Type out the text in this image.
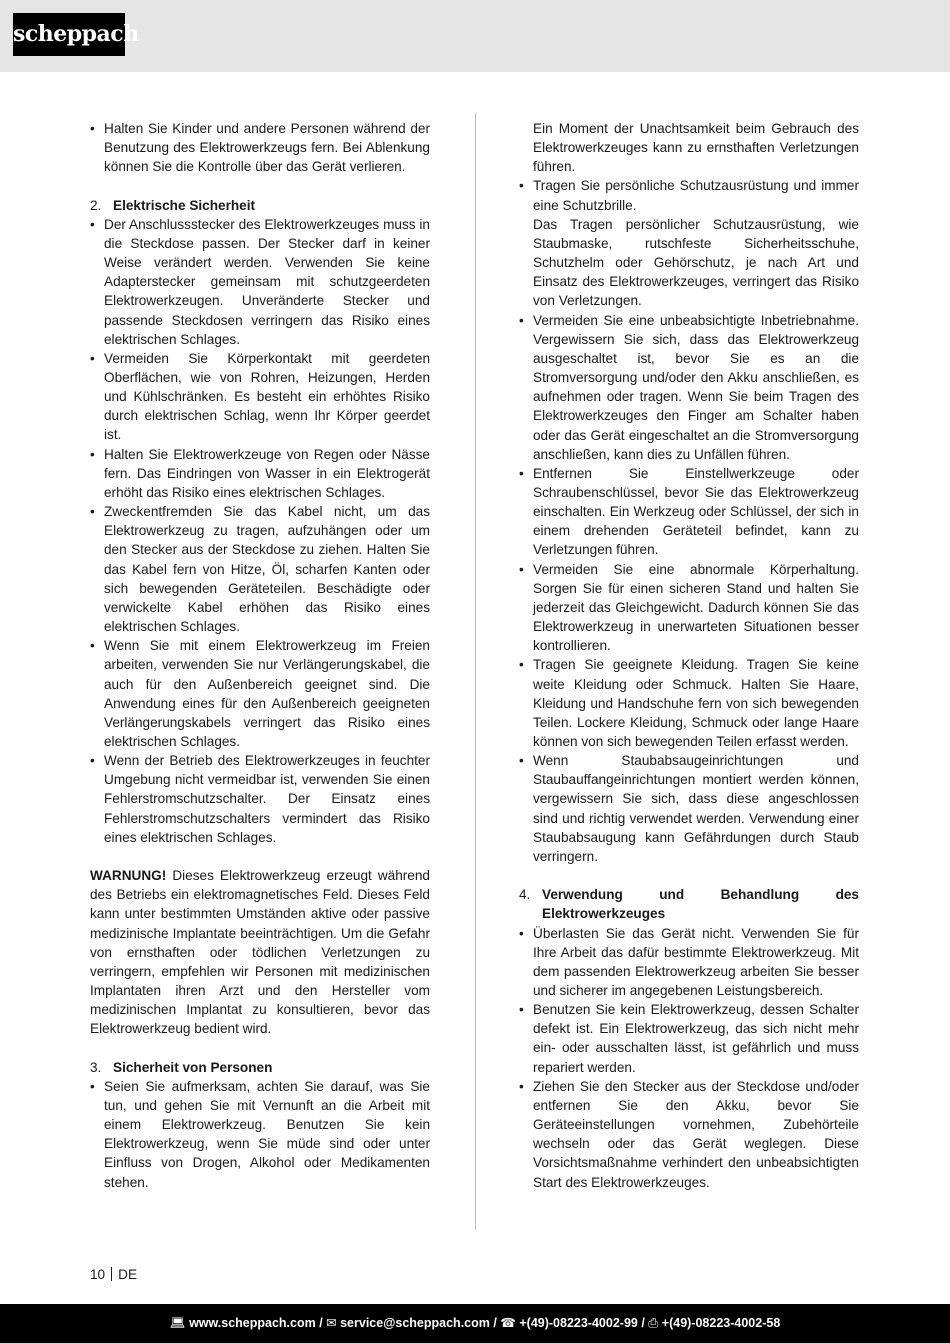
scheppach
• Halten Sie Kinder und andere Personen während der Benutzung des Elektrowerkzeugs fern. Bei Ablenkung können Sie die Kontrolle über das Gerät verlieren.
2. Elektrische Sicherheit
• Der Anschlussstecker des Elektrowerkzeuges muss in die Steckdose passen. Der Stecker darf in keiner Weise verändert werden. Verwenden Sie keine Adapterstecker gemeinsam mit schutzgeerdeten Elektrowerkzeugen. Unveränderte Stecker und passende Steckdosen verringern das Risiko eines elektrischen Schlages.
• Vermeiden Sie Körperkontakt mit geerdeten Oberflächen, wie von Rohren, Heizungen, Herden und Kühlschränken. Es besteht ein erhöhtes Risiko durch elektrischen Schlag, wenn Ihr Körper geerdet ist.
• Halten Sie Elektrowerkzeuge von Regen oder Nässe fern. Das Eindringen von Wasser in ein Elektrogerät erhöht das Risiko eines elektrischen Schlages.
• Zweckentfremden Sie das Kabel nicht, um das Elektrowerkzeug zu tragen, aufzuhängen oder um den Stecker aus der Steckdose zu ziehen. Halten Sie das Kabel fern von Hitze, Öl, scharfen Kanten oder sich bewegenden Geräteteilen. Beschädigte oder verwickelte Kabel erhöhen das Risiko eines elektrischen Schlages.
• Wenn Sie mit einem Elektrowerkzeug im Freien arbeiten, verwenden Sie nur Verlängerungskabel, die auch für den Außenbereich geeignet sind. Die Anwendung eines für den Außenbereich geeigneten Verlängerungskabels verringert das Risiko eines elektrischen Schlages.
• Wenn der Betrieb des Elektrowerkzeuges in feuchter Umgebung nicht vermeidbar ist, verwenden Sie einen Fehlerstromschutzschalter. Der Einsatz eines Fehlerstromschutzschalters vermindert das Risiko eines elektrischen Schlages.
WARNUNG! Dieses Elektrowerkzeug erzeugt während des Betriebs ein elektromagnetisches Feld. Dieses Feld kann unter bestimmten Umständen aktive oder passive medizinische Implantate beeinträchtigen. Um die Gefahr von ernsthaften oder tödlichen Verletzungen zu verringern, empfehlen wir Personen mit medizinischen Implantaten ihren Arzt und den Hersteller vom medizinischen Implantat zu konsultieren, bevor das Elektrowerkzeug bedient wird.
3. Sicherheit von Personen
• Seien Sie aufmerksam, achten Sie darauf, was Sie tun, und gehen Sie mit Vernunft an die Arbeit mit einem Elektrowerkzeug. Benutzen Sie kein Elektrowerkzeug, wenn Sie müde sind oder unter Einfluss von Drogen, Alkohol oder Medikamenten stehen.
Ein Moment der Unachtsamkeit beim Gebrauch des Elektrowerkzeuges kann zu ernsthaften Verletzungen führen.
• Tragen Sie persönliche Schutzausrüstung und immer eine Schutzbrille.
Das Tragen persönlicher Schutzausrüstung, wie Staubmaske, rutschfeste Sicherheitsschuhe, Schutzhelm oder Gehörschutz, je nach Art und Einsatz des Elektrowerkzeuges, verringert das Risiko von Verletzungen.
• Vermeiden Sie eine unbeabsichtigte Inbetriebnahme. Vergewissern Sie sich, dass das Elektrowerkzeug ausgeschaltet ist, bevor Sie es an die Stromversorgung und/oder den Akku anschließen, es aufnehmen oder tragen. Wenn Sie beim Tragen des Elektrowerkzeuges den Finger am Schalter haben oder das Gerät eingeschaltet an die Stromversorgung anschließen, kann dies zu Unfällen führen.
• Entfernen Sie Einstellwerkzeuge oder Schraubenschlüssel, bevor Sie das Elektrowerkzeug einschalten. Ein Werkzeug oder Schlüssel, der sich in einem drehenden Geräteteil befindet, kann zu Verletzungen führen.
• Vermeiden Sie eine abnormale Körperhaltung. Sorgen Sie für einen sicheren Stand und halten Sie jederzeit das Gleichgewicht. Dadurch können Sie das Elektrowerkzeug in unerwarteten Situationen besser kontrollieren.
• Tragen Sie geeignete Kleidung. Tragen Sie keine weite Kleidung oder Schmuck. Halten Sie Haare, Kleidung und Handschuhe fern von sich bewegenden Teilen. Lockere Kleidung, Schmuck oder lange Haare können von sich bewegenden Teilen erfasst werden.
• Wenn Staubabsaugeinrichtungen und Staubauffangeinrichtungen montiert werden können, vergewissern Sie sich, dass diese angeschlossen sind und richtig verwendet werden. Verwendung einer Staubabsaugung kann Gefährdungen durch Staub verringern.
4. Verwendung und Behandlung des Elektrowerkzeuges
• Überlasten Sie das Gerät nicht. Verwenden Sie für Ihre Arbeit das dafür bestimmte Elektrowerkzeug. Mit dem passenden Elektrowerkzeug arbeiten Sie besser und sicherer im angegebenen Leistungsbereich.
• Benutzen Sie kein Elektrowerkzeug, dessen Schalter defekt ist. Ein Elektrowerkzeug, das sich nicht mehr ein- oder ausschalten lässt, ist gefährlich und muss repariert werden.
• Ziehen Sie den Stecker aus der Steckdose und/oder entfernen Sie den Akku, bevor Sie Geräteeinstellungen vornehmen, Zubehörteile wechseln oder das Gerät weglegen. Diese Vorsichtsmaßnahme verhindert den unbeabsichtigten Start des Elektrowerkzeuges.
10 DE
💻︎ www.scheppach.com / ✉ service@scheppach.com / ☎ +(49)-08223-4002-99 / ⎙ +(49)-08223-4002-58
